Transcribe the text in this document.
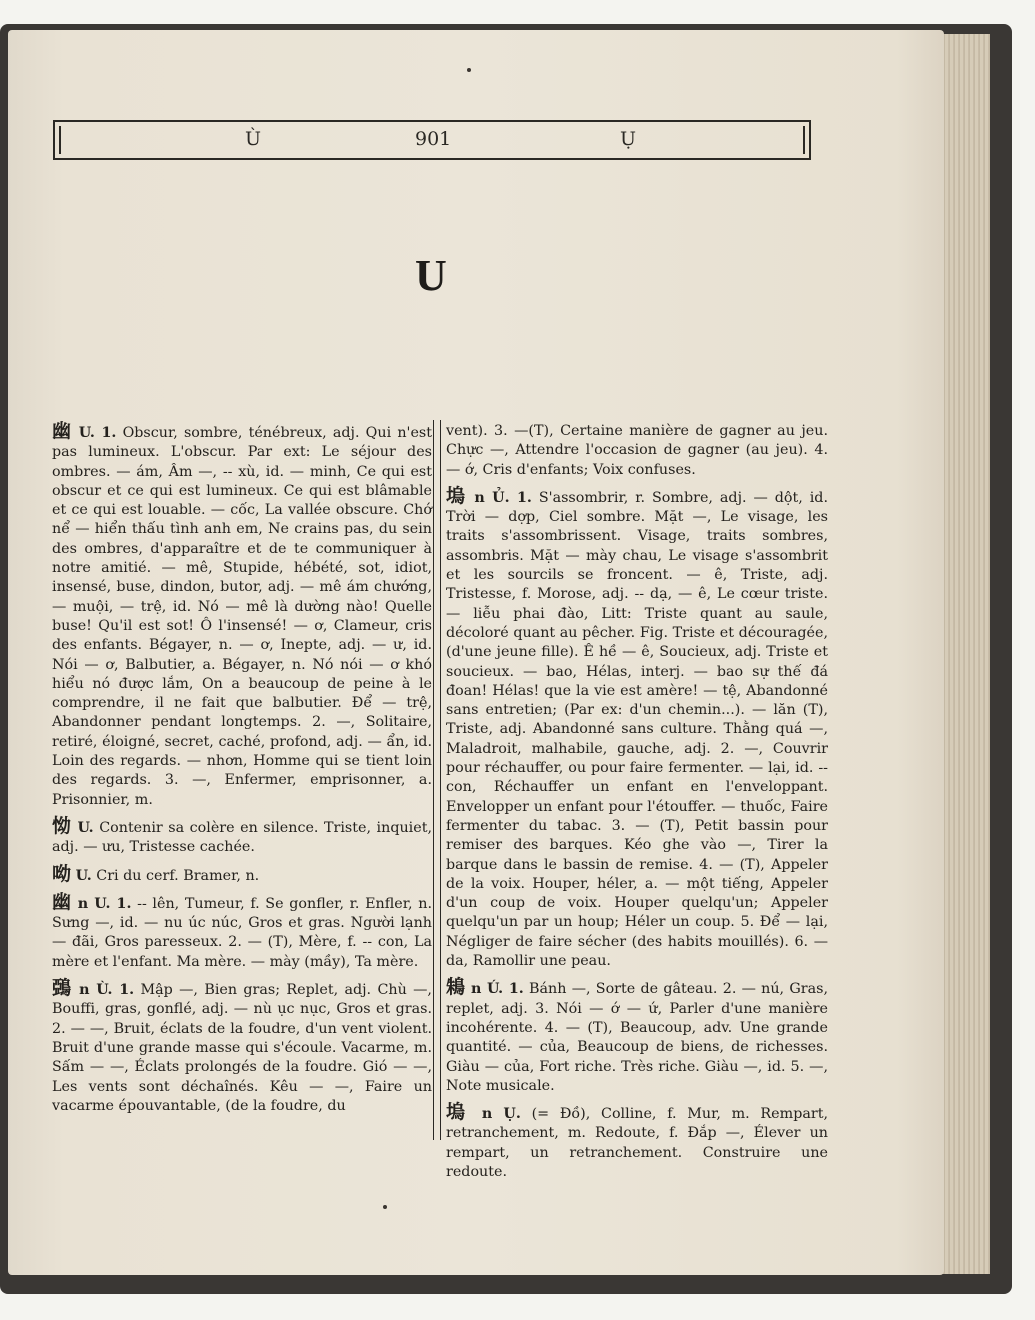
Ù	901	Ụ
U

幽 U. 1. Obscur, sombre, ténébreux, adj. Qui n'est pas lumineux. L'obscur. Par ext: Le séjour des ombres. — ám, Âm —, -- xù, id. — minh, Ce qui est obscur et ce qui est lumineux. Ce qui est blâmable et ce qui est louable. — cốc, La vallée obscure. Chớ nể — hiển thấu tình anh em, Ne crains pas, du sein des ombres, d'apparaître et de te communiquer à notre amitié. — mê, Stupide, hébété, sot, idiot, insensé, buse, dindon, butor, adj. — mê ám chướng, — muội, — trệ, id. Nó — mê là dường nào! Quelle buse! Qu'il est sot! Ô l'insensé! — ơ, Clameur, cris des enfants. Bégayer, n. — ơ, Inepte, adj. — ư, id. Nói — ơ, Balbutier, a. Bégayer, n. Nó nói — ơ khó hiểu nó được lắm, On a beaucoup de peine à le comprendre, il ne fait que balbutier. Để — trệ, Abandonner pendant longtemps. 2. —, Solitaire, retiré, éloigné, secret, caché, profond, adj. — ẩn, id. Loin des regards. — nhơn, Homme qui se tient loin des regards. 3. —, Enfermer, emprisonner, a. Prisonnier, m.

怮 U. Contenir sa colère en silence. Triste, inquiet, adj. — ưu, Tristesse cachée.

呦 U. Cri du cerf. Bramer, n.

幽 n U. 1. -- lên, Tumeur, f. Se gonfler, r. Enfler, n. Sưng —, id. — nu úc núc, Gros et gras. Người lạnh — đãi, Gros paresseux. 2. — (T), Mère, f. -- con, La mère et l'enfant. Ma mère. — mày (mầy), Ta mère.

鵶 n Ù. 1. Mập —, Bien gras; Replet, adj. Chù —, Bouffi, gras, gonflé, adj. — nù ục nục, Gros et gras. 2. — —, Bruit, éclats de la foudre, d'un vent violent. Bruit d'une grande masse qui s'écoule. Vacarme, m. Sấm — —, Éclats prolongés de la foudre. Gió — —, Les vents sont déchaînés. Kêu — —, Faire un vacarme épouvantable, (de la foudre, du

vent). 3. —(T), Certaine manière de gagner au jeu. Chực —, Attendre l'occasion de gagner (au jeu). 4. — ớ, Cris d'enfants; Voix confuses.

塢 n Ủ. 1. S'assombrir, r. Sombre, adj. — dột, id. Trời — dợp, Ciel sombre. Mặt —, Le visage, les traits s'assombrissent. Visage, traits sombres, assombris. Mặt — mày chau, Le visage s'assombrit et les sourcils se froncent. — ê, Triste, adj. Tristesse, f. Morose, adj. -- dạ, — ê, Le cœur triste. — liễu phai đào, Litt: Triste quant au saule, décoloré quant au pêcher. Fig. Triste et découragée, (d'une jeune fille). Ê hề — ê, Soucieux, adj. Triste et soucieux. — bao, Hélas, interj. — bao sự thế đá đoan! Hélas! que la vie est amère! — tệ, Abandonné sans entretien; (Par ex: d'un chemin...). — lăn (T), Triste, adj. Abandonné sans culture. Thằng quá —, Maladroit, malhabile, gauche, adj. 2. —, Couvrir pour réchauffer, ou pour faire fermenter. — lại, id. -- con, Réchauffer un enfant en l'enveloppant. Envelopper un enfant pour l'étouffer. — thuốc, Faire fermenter du tabac. 3. — (T), Petit bassin pour remiser des barques. Kéo ghe vào —, Tirer la barque dans le bassin de remise. 4. — (T), Appeler de la voix. Houper, héler, a. — một tiếng, Appeler d'un coup de voix. Houper quelqu'un; Appeler quelqu'un par un houp; Héler un coup. 5. Để — lại, Négliger de faire sécher (des habits mouillés). 6. — da, Ramollir une peau.

鴸 n Ú. 1. Bánh —, Sorte de gâteau. 2. — nú, Gras, replet, adj. 3. Nói — ớ — ứ, Parler d'une manière incohérente. 4. — (T), Beaucoup, adv. Une grande quantité. — của, Beaucoup de biens, de richesses. Giàu — của, Fort riche. Très riche. Giàu —, id. 5. —, Note musicale.

塢 n Ụ. (= Đồ), Colline, f. Mur, m. Rempart, retranchement, m. Redoute, f. Đắp —, Élever un rempart, un retranchement. Construire une redoute.
